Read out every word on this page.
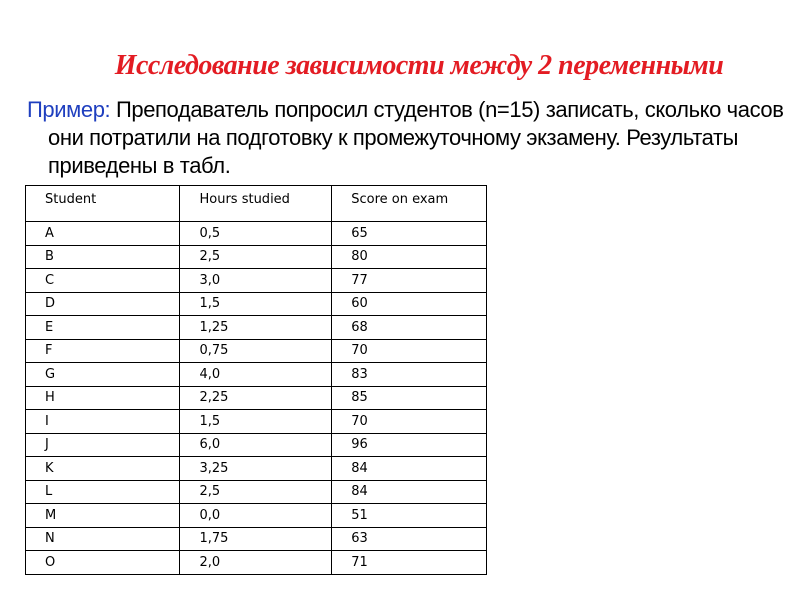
Исследование зависимости между 2 переменными

Пример: Преподаватель попросил студентов (n=15) записать, сколько часов они потратили на подготовку к промежуточному экзамену. Результаты приведены в табл.

Student	Hours studied	Score on exam
A	0,5	65
B	2,5	80
C	3,0	77
D	1,5	60
E	1,25	68
F	0,75	70
G	4,0	83
H	2,25	85
I	1,5	70
J	6,0	96
K	3,25	84
L	2,5	84
M	0,0	51
N	1,75	63
O	2,0	71
